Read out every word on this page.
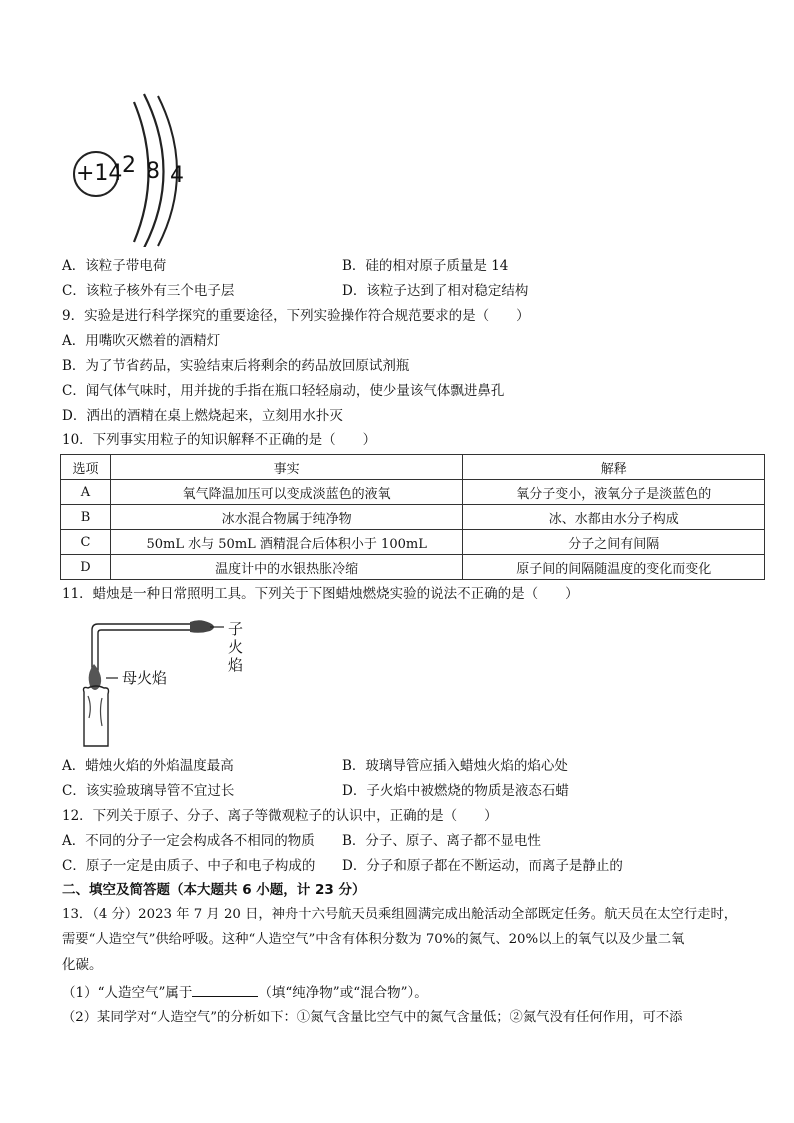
+14 2 8 4
A．该粒子带电荷	B．硅的相对原子质量是 14
C．该粒子核外有三个电子层	D．该粒子达到了相对稳定结构
9．实验是进行科学探究的重要途径，下列实验操作符合规范要求的是（　　）
A．用嘴吹灭燃着的酒精灯
B．为了节省药品，实验结束后将剩余的药品放回原试剂瓶
C．闻气体气味时，用并拢的手指在瓶口轻轻扇动，使少量该气体飘进鼻孔
D．洒出的酒精在桌上燃烧起来，立刻用水扑灭
10．下列事实用粒子的知识解释不正确的是（　　）
选项	事实	解释
A	氧气降温加压可以变成淡蓝色的液氧	氧分子变小，液氧分子是淡蓝色的
B	冰水混合物属于纯净物	冰、水都由水分子构成
C	50mL 水与 50mL 酒精混合后体积小于 100mL	分子之间有间隔
D	温度计中的水银热胀冷缩	原子间的间隔随温度的变化而变化
11．蜡烛是一种日常照明工具。下列关于下图蜡烛燃烧实验的说法不正确的是（　　）
子火焰
母火焰
A．蜡烛火焰的外焰温度最高	B．玻璃导管应插入蜡烛火焰的焰心处
C．该实验玻璃导管不宜过长	D．子火焰中被燃烧的物质是液态石蜡
12．下列关于原子、分子、离子等微观粒子的认识中，正确的是（　　）
A．不同的分子一定会构成各不相同的物质 B．分子、原子、离子都不显电性
C．原子一定是由质子、中子和电子构成的 D．分子和原子都在不断运动，而离子是静止的
二、填空及简答题（本大题共 6 小题，计 23 分）
13．（4 分）2023 年 7 月 20 日，神舟十六号航天员乘组圆满完成出舱活动全部既定任务。航天员在太空行走时，
需要“人造空气”供给呼吸。这种“人造空气”中含有体积分数为 70%的氮气、20%以上的氧气以及少量二氧
化碳。
（1）“人造空气”属于	（填“纯净物”或“混合物”）。
（2）某同学对“人造空气”的分析如下：①氮气含量比空气中的氮气含量低；②氮气没有任何作用，可不添
